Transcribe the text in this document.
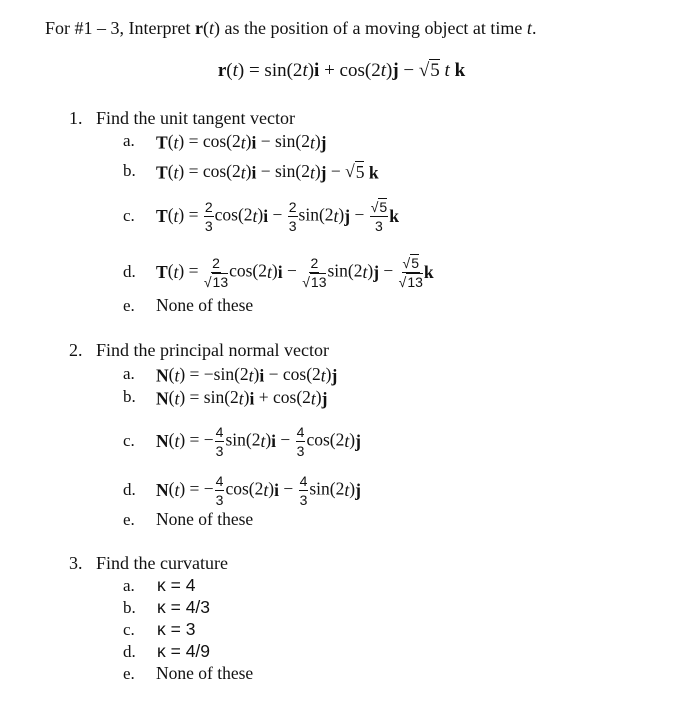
For #1 – 3, Interpret r(t) as the position of a moving object at time t.
r(t) = sin(2t)i + cos(2t)j − √5 t k
1. Find the unit tangent vector
a. T(t) = cos(2t)i − sin(2t)j
b. T(t) = cos(2t)i − sin(2t)j − √5 k
c. $T(t) = \frac{2}{3} \cos(2t)i - \frac{2}{3} \sin(2t)j - \frac{√5}{3}$ k
d. $T(t) = \frac{2}{√13} \cos(2t)i - \frac{2}{√13} \sin(2t)j - \frac{√5}{√13}$ k
e. None of these
2. Find the principal normal vector
a. N(t) = −sin(2t)i − cos(2t)j
b. N(t) = sin(2t)i + cos(2t)j
c. N(t) = − $\frac{4}{3} \sin(2t)i - \frac{4}{3} \cos(2t)j$
d. N(t) = − $\frac{4}{3} \cos(2t)i - \frac{4}{3} \sin(2t)j$
e. None of these
3. Find the curvature
a. κ = 4
b. κ = 4/3
c. κ = 3
d. κ = 4/9
e. None of these
